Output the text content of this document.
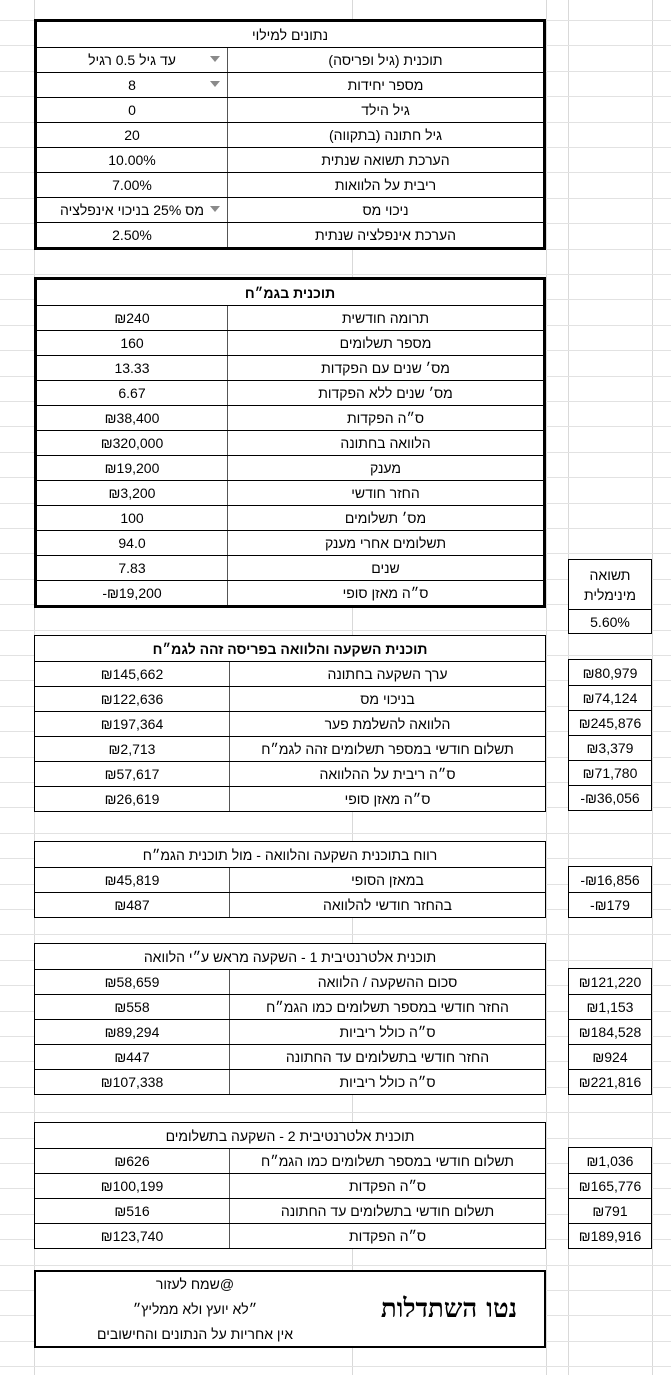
נתונים למילוי
תוכנית (גיל ופריסה)
עד גיל 0.5 רגיל
מספר יחידות
8
גיל הילד
0
גיל חתונה (בתקווה)
20
הערכת תשואה שנתית
10.00%
ריבית על הלוואות
7.00%
ניכוי מס
מס 25% בניכוי אינפלציה
הערכת אינפלציה שנתית
2.50%
תוכנית בגמ״ח
תרומה חודשית
₪240
מספר תשלומים
160
מס׳ שנים עם הפקדות
13.33
מס׳ שנים ללא הפקדות
6.67
ס״ה הפקדות
₪38,400
הלוואה בחתונה
₪320,000
מענק
₪19,200
החזר חודשי
₪3,200
מס׳ תשלומים
100
תשלומים אחרי מענק
94.0
שנים
7.83
ס״ה מאזן סופי
-₪19,200
תשואה
מינימלית
5.60%
תוכנית השקעה והלוואה בפריסה זהה לגמ״ח
ערך השקעה בחתונה
₪145,662
בניכוי מס
₪122,636
הלוואה להשלמת פער
₪197,364
תשלום חודשי במספר תשלומים זהה לגמ״ח
₪2,713
ס״ה ריבית על ההלוואה
₪57,617
ס״ה מאזן סופי
₪26,619
₪80,979
₪74,124
₪245,876
₪3,379
₪71,780
-₪36,056
רווח בתוכנית השקעה והלוואה - מול תוכנית הגמ״ח
במאזן הסופי
₪45,819
בהחזר חודשי להלוואה
₪487
-₪16,856
-₪179
תוכנית אלטרנטיבית 1 - השקעה מראש ע״י הלוואה
סכום ההשקעה / הלוואה
₪58,659
החזר חודשי במספר תשלומים כמו הגמ״ח
₪558
ס״ה כולל ריביות
₪89,294
החזר חודשי בתשלומים עד החתונה
₪447
ס״ה כולל ריביות
₪107,338
₪121,220
₪1,153
₪184,528
₪924
₪221,816
תוכנית אלטרנטיבית 2 - השקעה בתשלומים
תשלום חודשי במספר תשלומים כמו הגמ״ח
₪626
ס״ה הפקדות
₪100,199
תשלום חודשי בתשלומים עד החתונה
₪516
ס״ה הפקדות
₪123,740
₪1,036
₪165,776
₪791
₪189,916
נטו השתדלות
שמח לעזור@
״לא יועץ ולא ממליץ״
אין אחריות על הנתונים והחישובים
